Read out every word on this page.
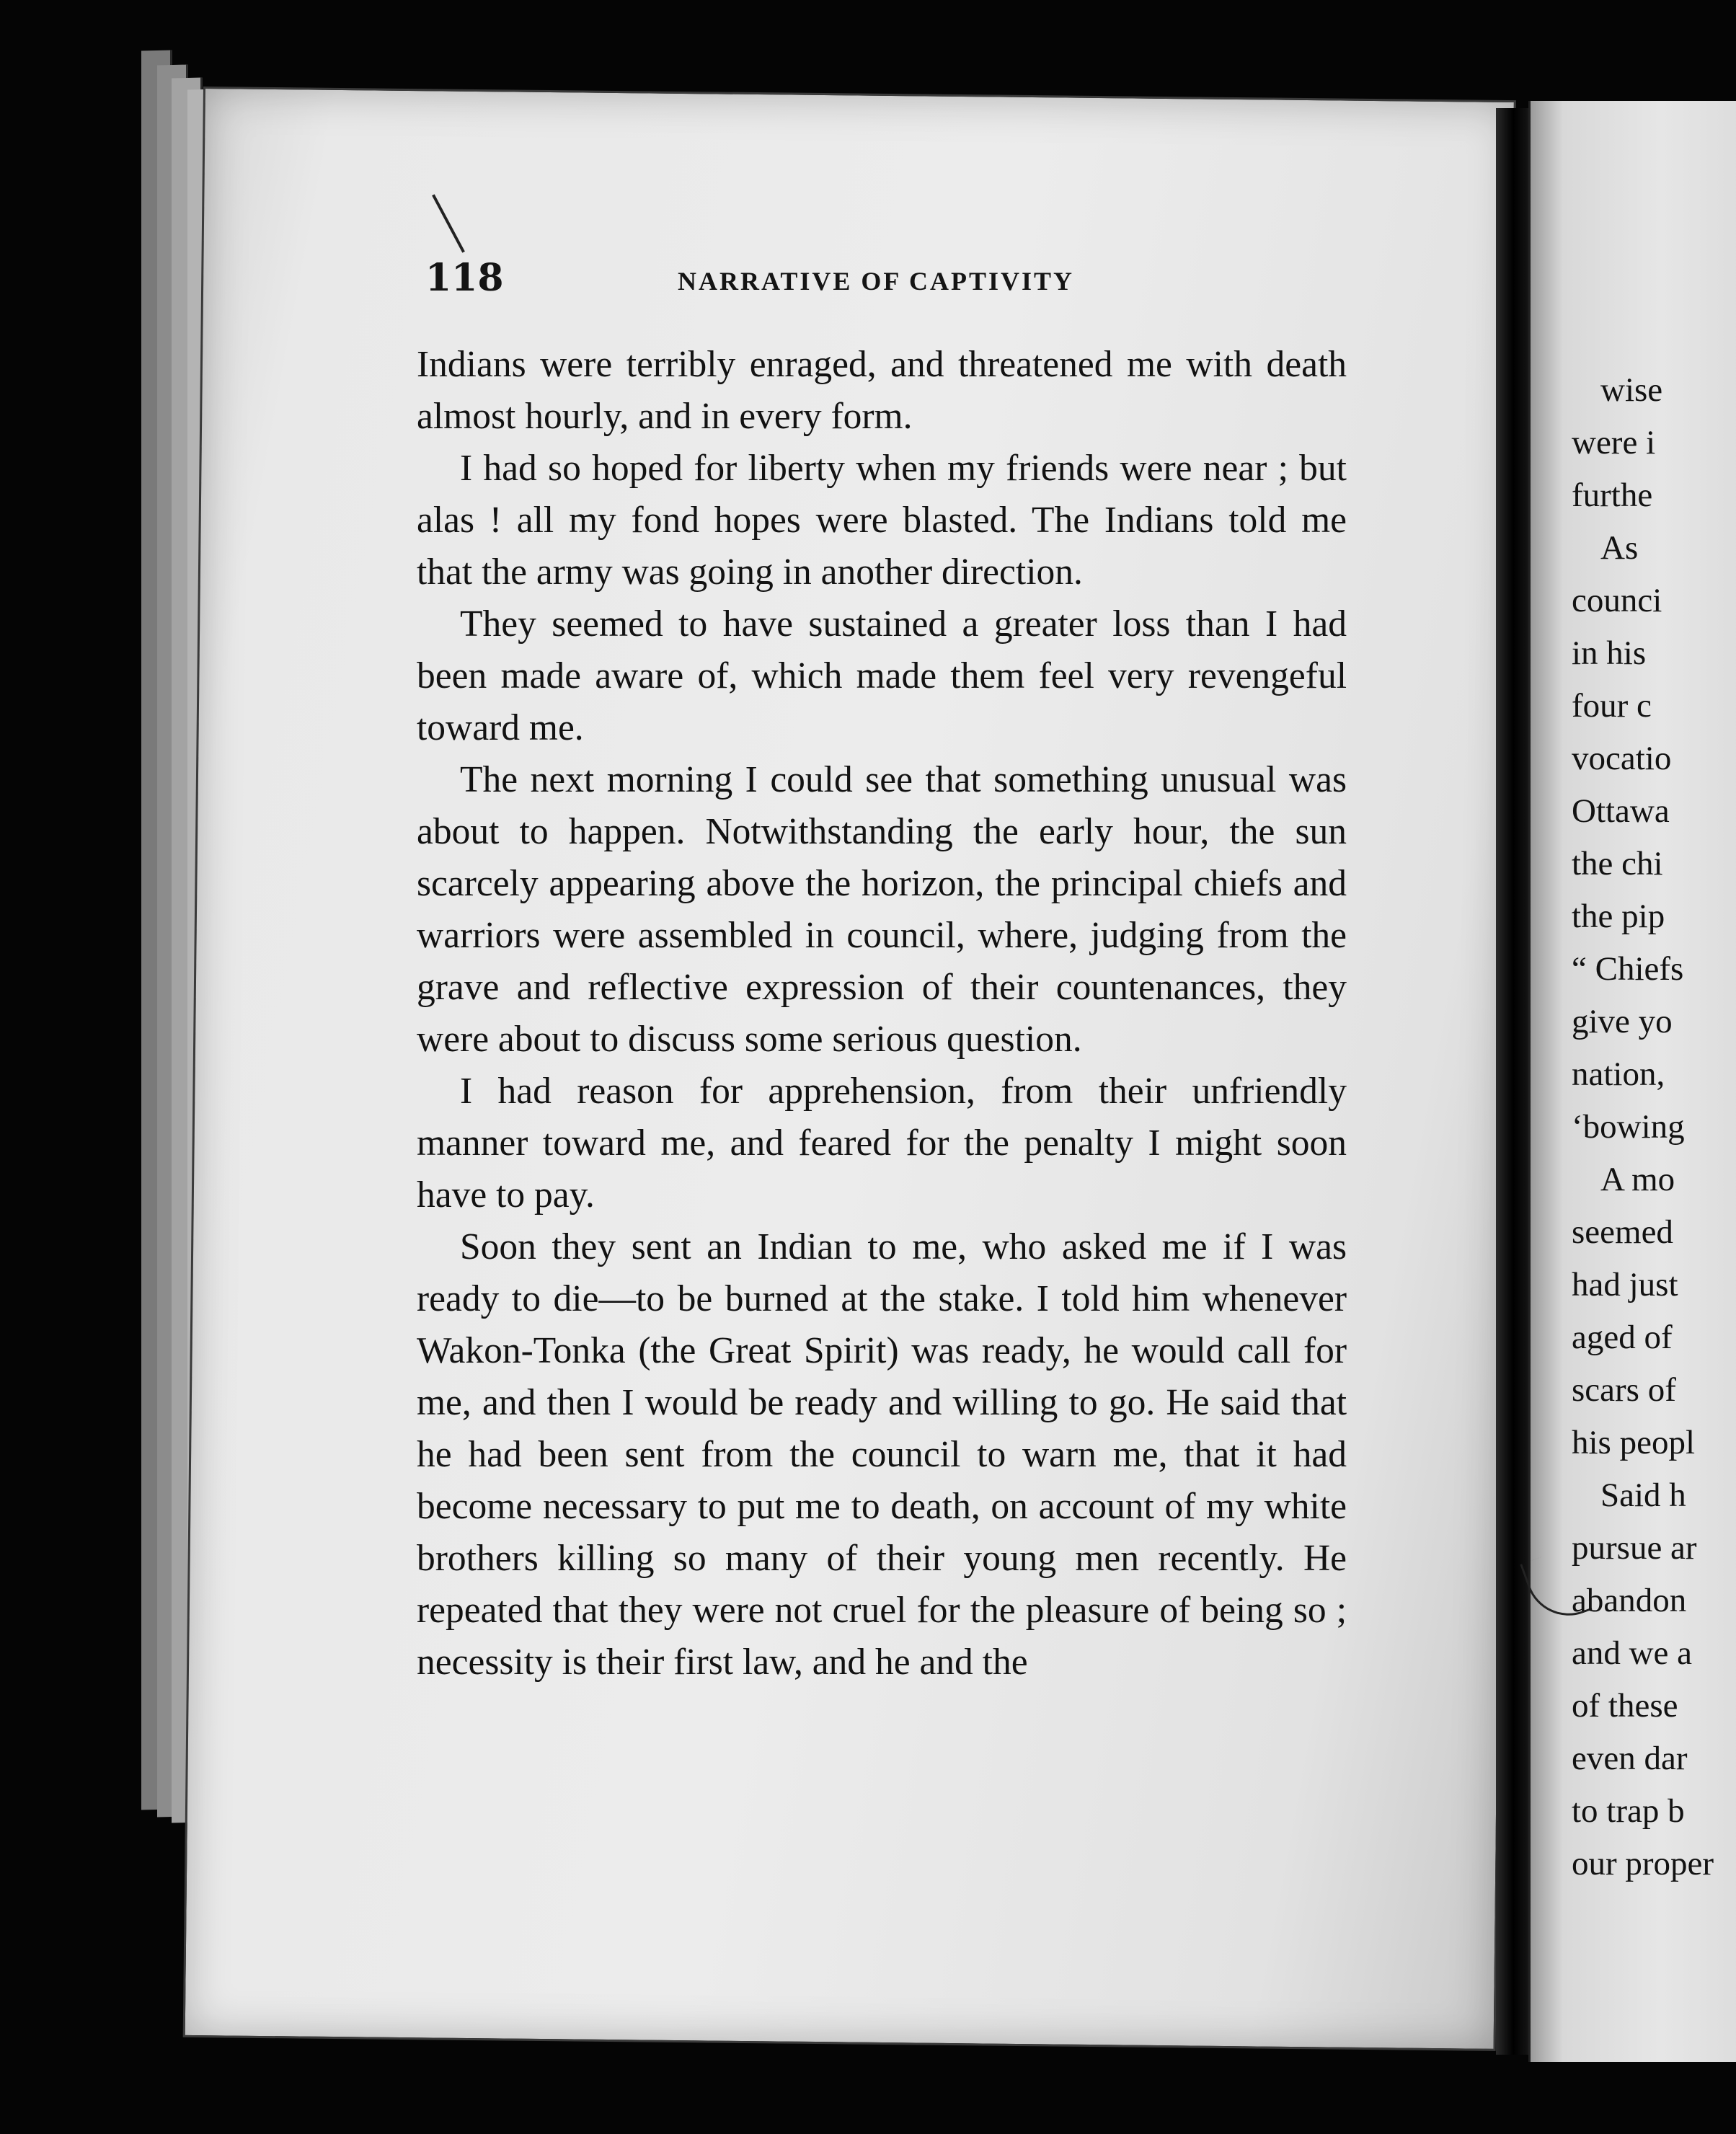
118	NARRATIVE OF CAPTIVITY

Indians were terribly enraged, and threatened me with death almost hourly, and in every form.

I had so hoped for liberty when my friends were near ; but alas ! all my fond hopes were blasted. The Indians told me that the army was going in another direction.

They seemed to have sustained a greater loss than I had been made aware of, which made them feel very revengeful toward me.

The next morning I could see that something unusual was about to happen. Notwithstanding the early hour, the sun scarcely appearing above the horizon, the principal chiefs and warriors were assembled in council, where, judging from the grave and reflective expression of their countenances, they were about to discuss some serious question.

I had reason for apprehension, from their unfriendly manner toward me, and feared for the penalty I might soon have to pay.

Soon they sent an Indian to me, who asked me if I was ready to die—to be burned at the stake. I told him whenever Wakon-Tonka (the Great Spirit) was ready, he would call for me, and then I would be ready and willing to go. He said that he had been sent from the council to warn me, that it had become necessary to put me to death, on account of my white brothers killing so many of their young men recently. He repeated that they were not cruel for the pleasure of being so ; necessity is their first law, and he and the

wise
were i
furthe
As
counci
in his
four c
vocatio
Ottawa
the chi
the pip
“ Chiefs
give yo
nation,
‘bowing
A mo
seemed
had just
aged of
scars of
his peopl
Said h
pursue ar
abandon
and we a
of these
even dar
to trap b
our proper
